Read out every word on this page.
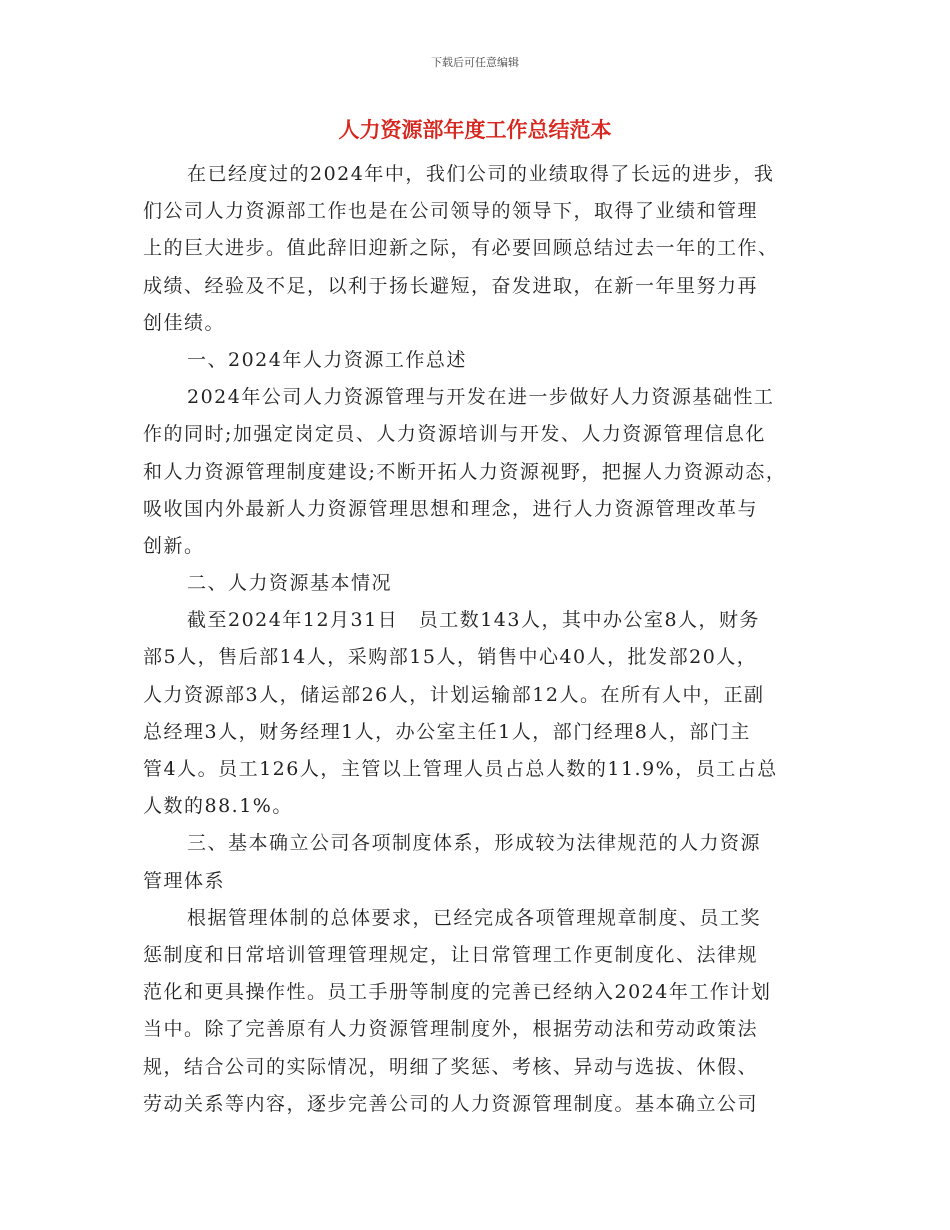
下载后可任意编辑
人力资源部年度工作总结范本
在已经度过的2024年中，我们公司的业绩取得了长远的进步，我
们公司人力资源部工作也是在公司领导的领导下，取得了业绩和管理
上的巨大进步。值此辞旧迎新之际，有必要回顾总结过去一年的工作、
成绩、经验及不足，以利于扬长避短，奋发进取，在新一年里努力再
创佳绩。
一、2024年人力资源工作总述
2024年公司人力资源管理与开发在进一步做好人力资源基础性工
作的同时;加强定岗定员、人力资源培训与开发、人力资源管理信息化
和人力资源管理制度建设;不断开拓人力资源视野，把握人力资源动态，
吸收国内外最新人力资源管理思想和理念，进行人力资源管理改革与
创新。
二、人力资源基本情况
截至2024年12月31日　员工数143人，其中办公室8人，财务
部5人，售后部14人，采购部15人，销售中心40人，批发部20人，
人力资源部3人，储运部26人，计划运输部12人。在所有人中，正副
总经理3人，财务经理1人，办公室主任1人，部门经理8人，部门主
管4人。员工126人，主管以上管理人员占总人数的11.9%，员工占总
人数的88.1%。
三、基本确立公司各项制度体系，形成较为法律规范的人力资源
管理体系
根据管理体制的总体要求，已经完成各项管理规章制度、员工奖
惩制度和日常培训管理管理规定，让日常管理工作更制度化、法律规
范化和更具操作性。员工手册等制度的完善已经纳入2024年工作计划
当中。除了完善原有人力资源管理制度外，根据劳动法和劳动政策法
规，结合公司的实际情况，明细了奖惩、考核、异动与选拔、休假、
劳动关系等内容，逐步完善公司的人力资源管理制度。基本确立公司
